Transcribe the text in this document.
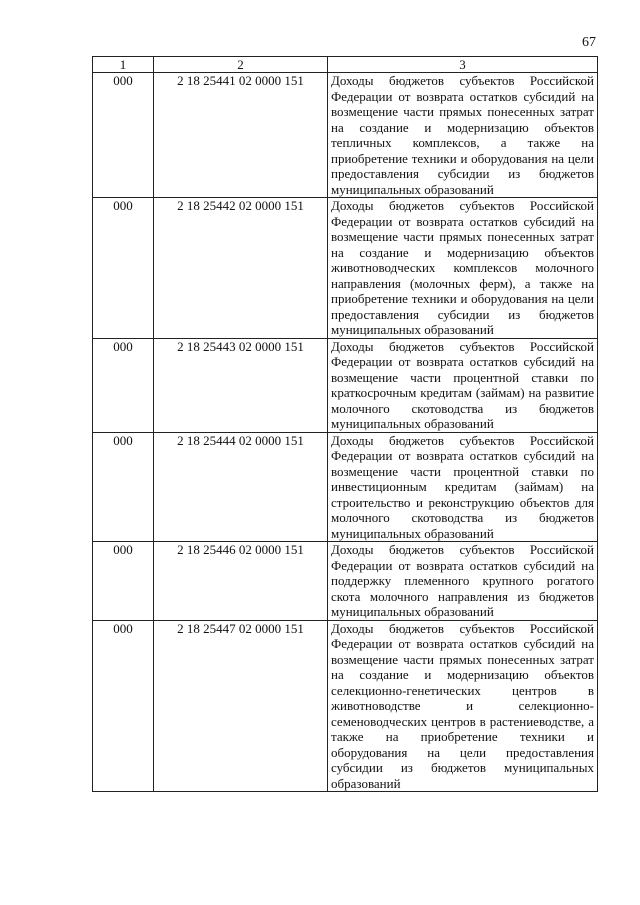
67
1	2	3
000	2 18 25441 02 0000 151	Доходы бюджетов субъектов Российской Федерации от возврата остатков субсидий на возмещение части прямых понесенных затрат на создание и модернизацию объектов тепличных комплексов, а также на приобретение техники и оборудования на цели предоставления субсидии из бюджетов муниципальных образований
000	2 18 25442 02 0000 151	Доходы бюджетов субъектов Российской Федерации от возврата остатков субсидий на возмещение части прямых понесенных затрат на создание и модернизацию объектов животноводческих комплексов молочного направления (молочных ферм), а также на приобретение техники и оборудования на цели предоставления субсидии из бюджетов муниципальных образований
000	2 18 25443 02 0000 151	Доходы бюджетов субъектов Российской Федерации от возврата остатков субсидий на возмещение части процентной ставки по краткосрочным кредитам (займам) на развитие молочного скотоводства из бюджетов муниципальных образований
000	2 18 25444 02 0000 151	Доходы бюджетов субъектов Российской Федерации от возврата остатков субсидий на возмещение части процентной ставки по инвестиционным кредитам (займам) на строительство и реконструкцию объектов для молочного скотоводства из бюджетов муниципальных образований
000	2 18 25446 02 0000 151	Доходы бюджетов субъектов Российской Федерации от возврата остатков субсидий на поддержку племенного крупного рогатого скота молочного направления из бюджетов муниципальных образований
000	2 18 25447 02 0000 151	Доходы бюджетов субъектов Российской Федерации от возврата остатков субсидий на возмещение части прямых понесенных затрат на создание и модернизацию объектов селекционно-генетических центров в животноводстве и селекционно-семеноводческих центров в растениеводстве, а также на приобретение техники и оборудования на цели предоставления субсидии из бюджетов муниципальных образований
